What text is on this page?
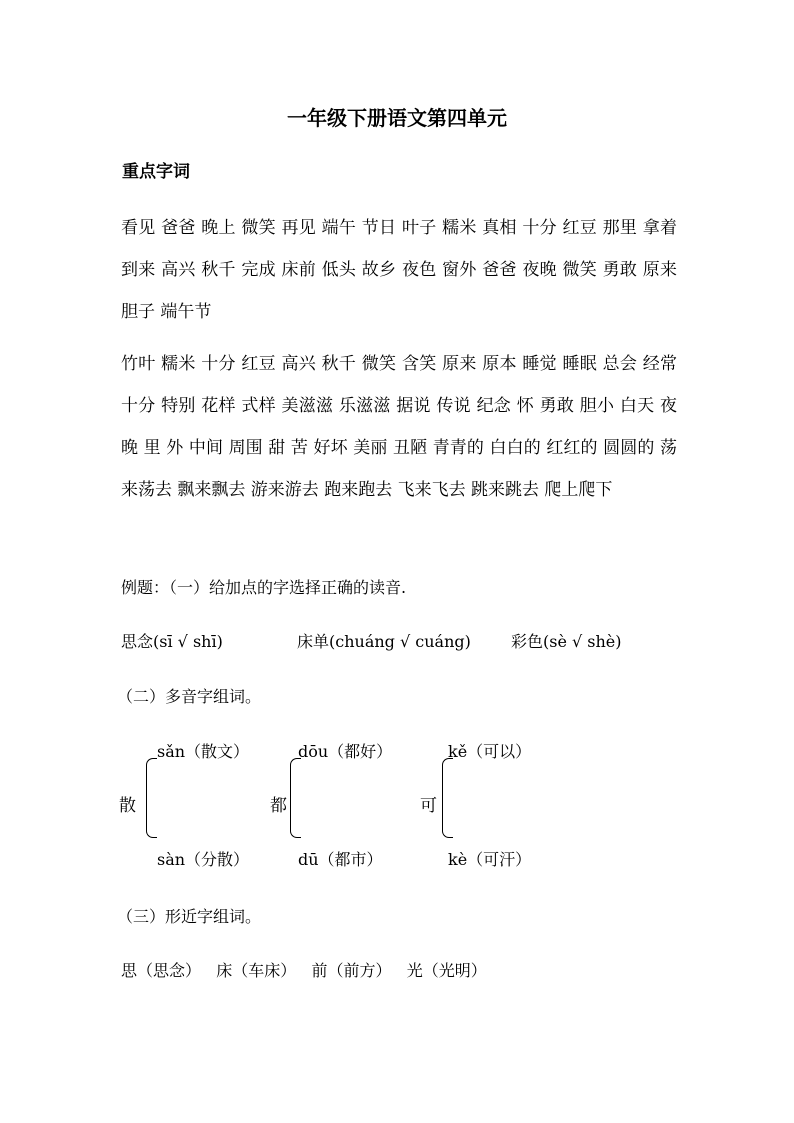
一年级下册语文第四单元
重点字词
看见 爸爸 晚上 微笑 再见 端午 节日 叶子 糯米 真相 十分 红豆 那里 拿着 到来 高兴 秋千 完成 床前 低头 故乡 夜色 窗外 爸爸 夜晚 微笑 勇敢 原来 胆子 端午节
竹叶 糯米 十分 红豆 高兴 秋千 微笑 含笑 原来 原本 睡觉 睡眠 总会 经常 十分 特别 花样 式样 美滋滋 乐滋滋 据说 传说 纪念 怀 勇敢 胆小 白天 夜晚 里 外 中间 周围 甜 苦 好坏 美丽 丑陋 青青的 白白的 红红的 圆圆的 荡来荡去 飘来飘去 游来游去 跑来跑去 飞来飞去 跳来跳去 爬上爬下
例题：（一）给加点的字选择正确的读音.
思念(sī √ shī)	床单(chuáng √ cuáng)	彩色(sè √ shè)
（二）多音字组词。
散
sǎn（散文）
sàn（分散）
都
dōu（都好）
dū（都市）
可
kě（可以）
kè（可汗）
（三）形近字组词。
思（思念）   床（车床）   前（前方）   光（光明）
